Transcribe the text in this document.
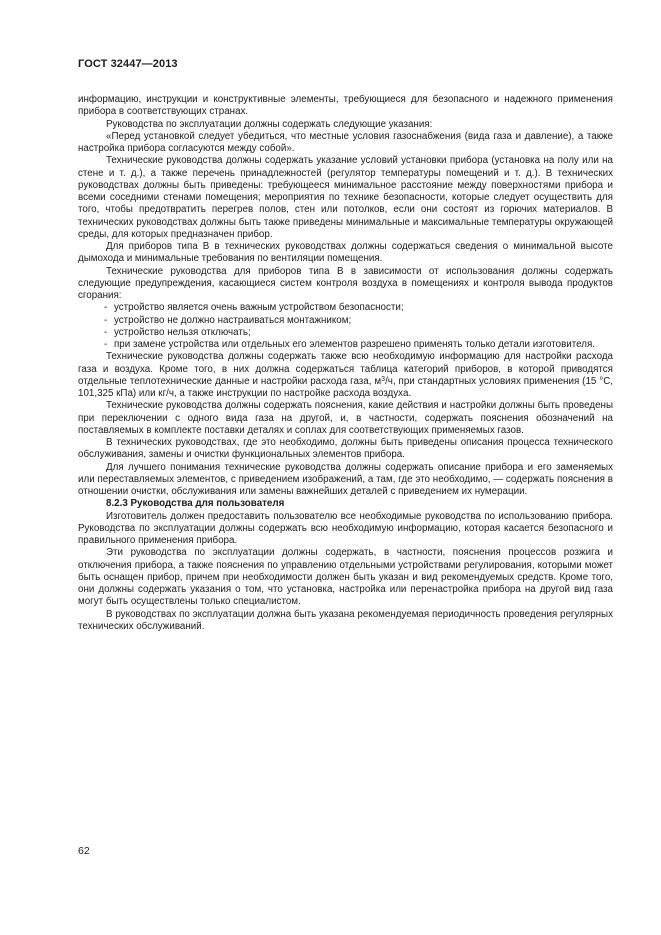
ГОСТ 32447—2013

информацию, инструкции и конструктивные элементы, требующиеся для безопасного и надежного применения прибора в соответствующих странах.

Руководства по эксплуатации должны содержать следующие указания:

«Перед установкой следует убедиться, что местные условия газоснабжения (вида газа и давление), а также настройка прибора согласуются между собой».

Технические руководства должны содержать указание условий установки прибора (установка на полу или на стене и т. д.), а также перечень принадлежностей (регулятор температуры помещений и т. д.). В технических руководствах должны быть приведены: требующееся минимальное расстояние между поверхностями прибора и всеми соседними стенами помещения; мероприятия по технике безопасности, которые следует осуществить для того, чтобы предотвратить перегрев полов, стен или потолков, если они состоят из горючих материалов. В технических руководствах должны быть также приведены минимальные и максимальные температуры окружающей среды, для которых предназначен прибор.

Для приборов типа В в технических руководствах должны содержаться сведения о минимальной высоте дымохода и минимальные требования по вентиляции помещения.

Технические руководства для приборов типа В в зависимости от использования должны содержать следующие предупреждения, касающиеся систем контроля воздуха в помещениях и контроля вывода продуктов сгорания:

- устройство является очень важным устройством безопасности;

- устройство не должно настраиваться монтажником;

- устройство нельзя отключать;

- при замене устройства или отдельных его элементов разрешено применять только детали изготовителя.

Технические руководства должны содержать также всю необходимую информацию для настройки расхода газа и воздуха. Кроме того, в них должна содержаться таблица категорий приборов, в которой приводятся отдельные теплотехнические данные и настройки расхода газа, $м^3/ч$, при стандартных условиях применения (15 °С, 101,325 кПа) или кг/ч, а также инструкции по настройке расхода воздуха.

Технические руководства должны содержать пояснения, какие действия и настройки должны быть проведены при переключении с одного вида газа на другой, и, в частности, содержать пояснения обозначений на поставляемых в комплекте поставки деталях и соплах для соответствующих применяемых газов.

В технических руководствах, где это необходимо, должны быть приведены описания процесса технического обслуживания, замены и очистки функциональных элементов прибора.

Для лучшего понимания технические руководства должны содержать описание прибора и его заменяемых или переставляемых элементов, с приведением изображений, а там, где это необходимо, — содержать пояснения в отношении очистки, обслуживания или замены важнейших деталей с приведением их нумерации.

8.2.3 Руководства для пользователя

Изготовитель должен предоставить пользователю все необходимые руководства по использованию прибора. Руководства по эксплуатации должны содержать всю необходимую информацию, которая касается безопасного и правильного применения прибора.

Эти руководства по эксплуатации должны содержать, в частности, пояснения процессов розжига и отключения прибора, а также пояснения по управлению отдельными устройствами регулирования, которыми может быть оснащен прибор, причем при необходимости должен быть указан и вид рекомендуемых средств. Кроме того, они должны содержать указания о том, что установка, настройка или перенастройка прибора на другой вид газа могут быть осуществлены только специалистом.

В руководствах по эксплуатации должна быть указана рекомендуемая периодичность проведения регулярных технических обслуживаний.

62
